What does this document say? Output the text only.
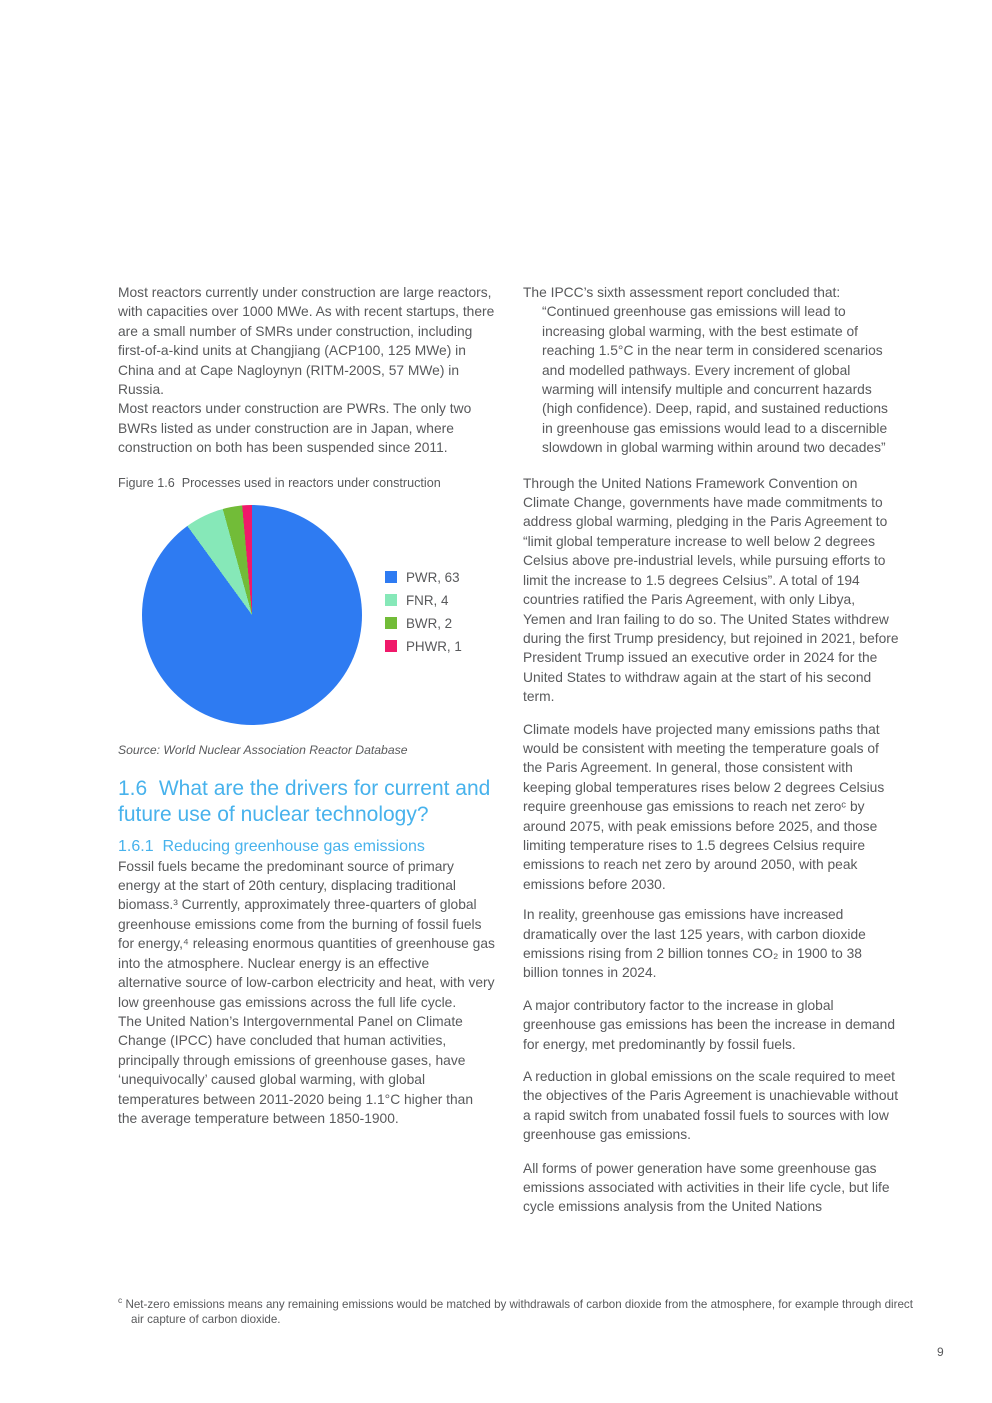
Most reactors currently under construction are large reactors, with capacities over 1000 MWe. As with recent startups, there are a small number of SMRs under construction, including first-of-a-kind units at Changjiang (ACP100, 125 MWe) in China and at Cape Nagloynyn (RITM-200S, 57 MWe) in Russia.

Most reactors under construction are PWRs. The only two BWRs listed as under construction are in Japan, where construction on both has been suspended since 2011.

Figure 1.6  Processes used in reactors under construction

PWR, 63
FNR, 4
BWR, 2
PHWR, 1

Source: World Nuclear Association Reactor Database

1.6  What are the drivers for current and future use of nuclear technology?
1.6.1  Reducing greenhouse gas emissions

Fossil fuels became the predominant source of primary energy at the start of 20th century, displacing traditional biomass.³ Currently, approximately three-quarters of global greenhouse emissions come from the burning of fossil fuels for energy,⁴ releasing enormous quantities of greenhouse gas into the atmosphere. Nuclear energy is an effective alternative source of low-carbon electricity and heat, with very low greenhouse gas emissions across the full life cycle.

The United Nation’s Intergovernmental Panel on Climate Change (IPCC) have concluded that human activities, principally through emissions of greenhouse gases, have ‘unequivocally’ caused global warming, with global temperatures between 2011-2020 being 1.1°C higher than the average temperature between 1850-1900.

The IPCC’s sixth assessment report concluded that:

“Continued greenhouse gas emissions will lead to increasing global warming, with the best estimate of reaching 1.5°C in the near term in considered scenarios and modelled pathways. Every increment of global warming will intensify multiple and concurrent hazards (high confidence). Deep, rapid, and sustained reductions in greenhouse gas emissions would lead to a discernible slowdown in global warming within around two decades”

Through the United Nations Framework Convention on Climate Change, governments have made commitments to address global warming, pledging in the Paris Agreement to “limit global temperature increase to well below 2 degrees Celsius above pre-industrial levels, while pursuing efforts to limit the increase to 1.5 degrees Celsius”. A total of 194 countries ratified the Paris Agreement, with only Libya, Yemen and Iran failing to do so. The United States withdrew during the first Trump presidency, but rejoined in 2021, before President Trump issued an executive order in 2024 for the United States to withdraw again at the start of his second term.

Climate models have projected many emissions paths that would be consistent with meeting the temperature goals of the Paris Agreement. In general, those consistent with keeping global temperatures rises below 2 degrees Celsius require greenhouse gas emissions to reach net zeroᶜ by around 2075, with peak emissions before 2025, and those limiting temperature rises to 1.5 degrees Celsius require emissions to reach net zero by around 2050, with peak emissions before 2030.

In reality, greenhouse gas emissions have increased dramatically over the last 125 years, with carbon dioxide emissions rising from 2 billion tonnes CO₂ in 1900 to 38 billion tonnes in 2024.

A major contributory factor to the increase in global greenhouse gas emissions has been the increase in demand for energy, met predominantly by fossil fuels.

A reduction in global emissions on the scale required to meet the objectives of the Paris Agreement is unachievable without a rapid switch from unabated fossil fuels to sources with low greenhouse gas emissions.

All forms of power generation have some greenhouse gas emissions associated with activities in their life cycle, but life cycle emissions analysis from the United Nations

$^c$ Net-zero emissions means any remaining emissions would be matched by withdrawals of carbon dioxide from the atmosphere, for example through direct air capture of carbon dioxide.

9
